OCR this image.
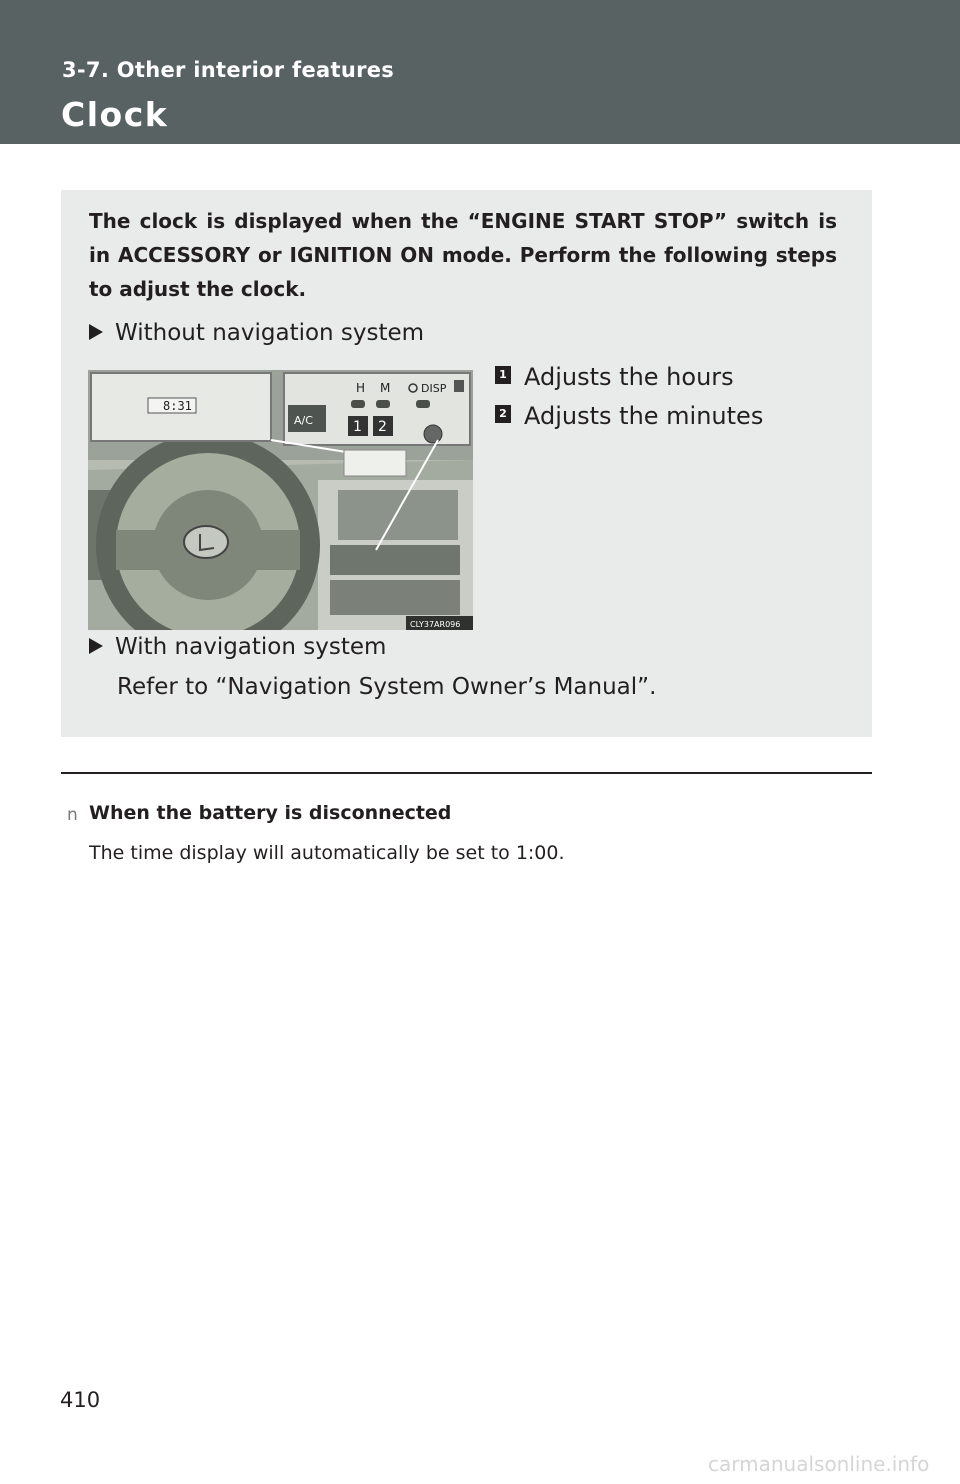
3-7. Other interior features
Clock
The clock is displayed when the “ENGINE START STOP” switch is in ACCESSORY or IGNITION ON mode. Perform the following steps to adjust the clock.
Without navigation system
8:31
H M	DISP
A/C	1 2
CLY37AR096
1 Adjusts the hours
2 Adjusts the minutes
With navigation system
Refer to “Navigation System Owner’s Manual”.
n When the battery is disconnected
The time display will automatically be set to 1:00.
410
carmanualsonline.info
